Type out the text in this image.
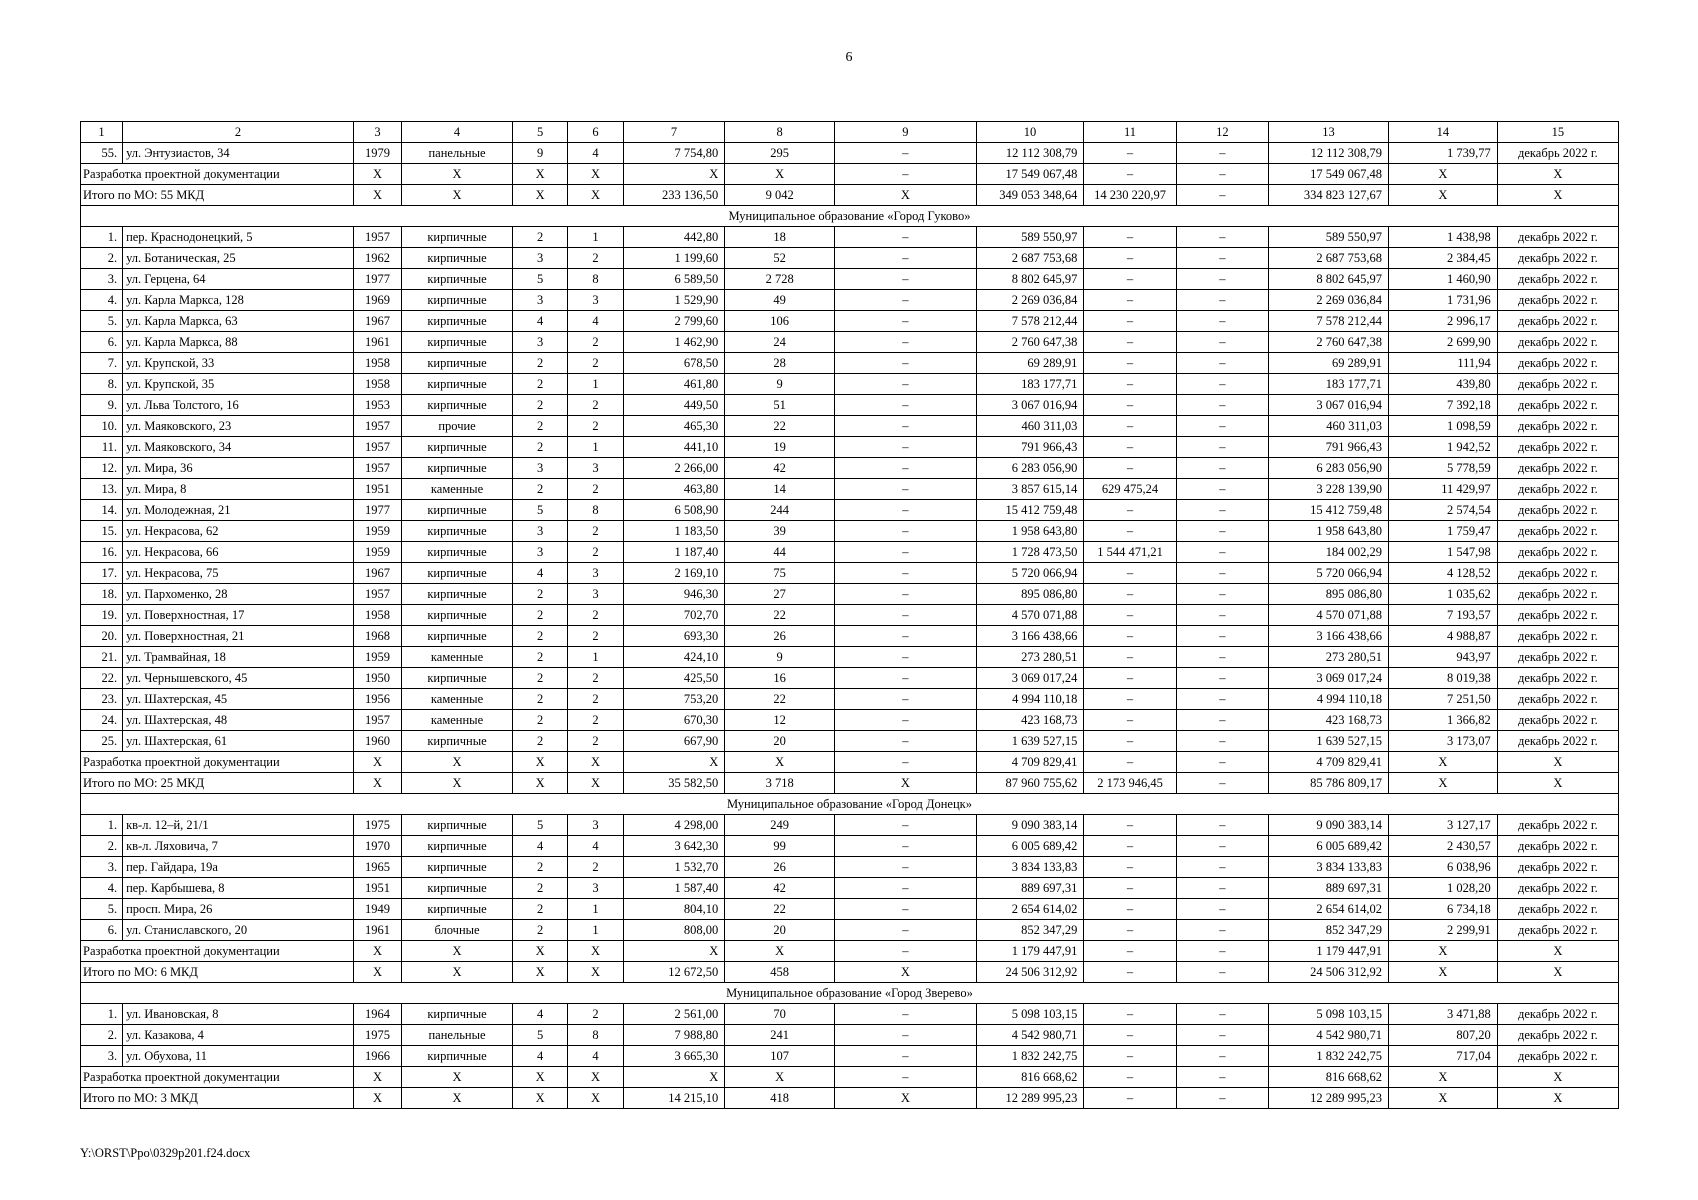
6
1	2	3	4	5	6	7	8	9	10	11	12	13	14	15
55.	ул. Энтузиастов, 34	1979	панельные	9	4	7 754,80	295	–	12 112 308,79	–	–	12 112 308,79	1 739,77	декабрь 2022 г.
Разработка проектной документации		X	X	X	X	X	X	–	17 549 067,48	–	–	17 549 067,48	X	X
Итого по МО: 55 МКД		X	X	X	X	233 136,50	9 042	X	349 053 348,64	14 230 220,97	–	334 823 127,67	X	X
Муниципальное образование «Город Гуково»														
1.	пер. Краснодонецкий, 5	1957	кирпичные	2	1	442,80	18	–	589 550,97	–	–	589 550,97	1 438,98	декабрь 2022 г.
2.	ул. Ботаническая, 25	1962	кирпичные	3	2	1 199,60	52	–	2 687 753,68	–	–	2 687 753,68	2 384,45	декабрь 2022 г.
3.	ул. Герцена, 64	1977	кирпичные	5	8	6 589,50	2 728	–	8 802 645,97	–	–	8 802 645,97	1 460,90	декабрь 2022 г.
4.	ул. Карла Маркса, 128	1969	кирпичные	3	3	1 529,90	49	–	2 269 036,84	–	–	2 269 036,84	1 731,96	декабрь 2022 г.
5.	ул. Карла Маркса, 63	1967	кирпичные	4	4	2 799,60	106	–	7 578 212,44	–	–	7 578 212,44	2 996,17	декабрь 2022 г.
6.	ул. Карла Маркса, 88	1961	кирпичные	3	2	1 462,90	24	–	2 760 647,38	–	–	2 760 647,38	2 699,90	декабрь 2022 г.
7.	ул. Крупской, 33	1958	кирпичные	2	2	678,50	28	–	69 289,91	–	–	69 289,91	111,94	декабрь 2022 г.
8.	ул. Крупской, 35	1958	кирпичные	2	1	461,80	9	–	183 177,71	–	–	183 177,71	439,80	декабрь 2022 г.
9.	ул. Льва Толстого, 16	1953	кирпичные	2	2	449,50	51	–	3 067 016,94	–	–	3 067 016,94	7 392,18	декабрь 2022 г.
10.	ул. Маяковского, 23	1957	прочие	2	2	465,30	22	–	460 311,03	–	–	460 311,03	1 098,59	декабрь 2022 г.
11.	ул. Маяковского, 34	1957	кирпичные	2	1	441,10	19	–	791 966,43	–	–	791 966,43	1 942,52	декабрь 2022 г.
12.	ул. Мира, 36	1957	кирпичные	3	3	2 266,00	42	–	6 283 056,90	–	–	6 283 056,90	5 778,59	декабрь 2022 г.
13.	ул. Мира, 8	1951	каменные	2	2	463,80	14	–	3 857 615,14	629 475,24	–	3 228 139,90	11 429,97	декабрь 2022 г.
14.	ул. Молодежная, 21	1977	кирпичные	5	8	6 508,90	244	–	15 412 759,48	–	–	15 412 759,48	2 574,54	декабрь 2022 г.
15.	ул. Некрасова, 62	1959	кирпичные	3	2	1 183,50	39	–	1 958 643,80	–	–	1 958 643,80	1 759,47	декабрь 2022 г.
16.	ул. Некрасова, 66	1959	кирпичные	3	2	1 187,40	44	–	1 728 473,50	1 544 471,21	–	184 002,29	1 547,98	декабрь 2022 г.
17.	ул. Некрасова, 75	1967	кирпичные	4	3	2 169,10	75	–	5 720 066,94	–	–	5 720 066,94	4 128,52	декабрь 2022 г.
18.	ул. Пархоменко, 28	1957	кирпичные	2	3	946,30	27	–	895 086,80	–	–	895 086,80	1 035,62	декабрь 2022 г.
19.	ул. Поверхностная, 17	1958	кирпичные	2	2	702,70	22	–	4 570 071,88	–	–	4 570 071,88	7 193,57	декабрь 2022 г.
20.	ул. Поверхностная, 21	1968	кирпичные	2	2	693,30	26	–	3 166 438,66	–	–	3 166 438,66	4 988,87	декабрь 2022 г.
21.	ул. Трамвайная, 18	1959	каменные	2	1	424,10	9	–	273 280,51	–	–	273 280,51	943,97	декабрь 2022 г.
22.	ул. Чернышевского, 45	1950	кирпичные	2	2	425,50	16	–	3 069 017,24	–	–	3 069 017,24	8 019,38	декабрь 2022 г.
23.	ул. Шахтерская, 45	1956	каменные	2	2	753,20	22	–	4 994 110,18	–	–	4 994 110,18	7 251,50	декабрь 2022 г.
24.	ул. Шахтерская, 48	1957	каменные	2	2	670,30	12	–	423 168,73	–	–	423 168,73	1 366,82	декабрь 2022 г.
25.	ул. Шахтерская, 61	1960	кирпичные	2	2	667,90	20	–	1 639 527,15	–	–	1 639 527,15	3 173,07	декабрь 2022 г.
Разработка проектной документации		X	X	X	X	X	X	–	4 709 829,41	–	–	4 709 829,41	X	X
Итого по МО: 25 МКД		X	X	X	X	35 582,50	3 718	X	87 960 755,62	2 173 946,45	–	85 786 809,17	X	X
Муниципальное образование «Город Донецк»														
1.	кв-л. 12–й, 21/1	1975	кирпичные	5	3	4 298,00	249	–	9 090 383,14	–	–	9 090 383,14	3 127,17	декабрь 2022 г.
2.	кв-л. Ляховича, 7	1970	кирпичные	4	4	3 642,30	99	–	6 005 689,42	–	–	6 005 689,42	2 430,57	декабрь 2022 г.
3.	пер. Гайдара, 19а	1965	кирпичные	2	2	1 532,70	26	–	3 834 133,83	–	–	3 834 133,83	6 038,96	декабрь 2022 г.
4.	пер. Карбышева, 8	1951	кирпичные	2	3	1 587,40	42	–	889 697,31	–	–	889 697,31	1 028,20	декабрь 2022 г.
5.	просп. Мира, 26	1949	кирпичные	2	1	804,10	22	–	2 654 614,02	–	–	2 654 614,02	6 734,18	декабрь 2022 г.
6.	ул. Станиславского, 20	1961	блочные	2	1	808,00	20	–	852 347,29	–	–	852 347,29	2 299,91	декабрь 2022 г.
Разработка проектной документации		X	X	X	X	X	X	–	1 179 447,91	–	–	1 179 447,91	X	X
Итого по МО: 6 МКД		X	X	X	X	12 672,50	458	X	24 506 312,92	–	–	24 506 312,92	X	X
Муниципальное образование «Город Зверево»														
1.	ул. Ивановская, 8	1964	кирпичные	4	2	2 561,00	70	–	5 098 103,15	–	–	5 098 103,15	3 471,88	декабрь 2022 г.
2.	ул. Казакова, 4	1975	панельные	5	8	7 988,80	241	–	4 542 980,71	–	–	4 542 980,71	807,20	декабрь 2022 г.
3.	ул. Обухова, 11	1966	кирпичные	4	4	3 665,30	107	–	1 832 242,75	–	–	1 832 242,75	717,04	декабрь 2022 г.
Разработка проектной документации		X	X	X	X	X	X	–	816 668,62	–	–	816 668,62	X	X
Итого по МО: 3 МКД		X	X	X	X	14 215,10	418	X	12 289 995,23	–	–	12 289 995,23	X	X
Y:\ORST\Ppo\0329p201.f24.docx
